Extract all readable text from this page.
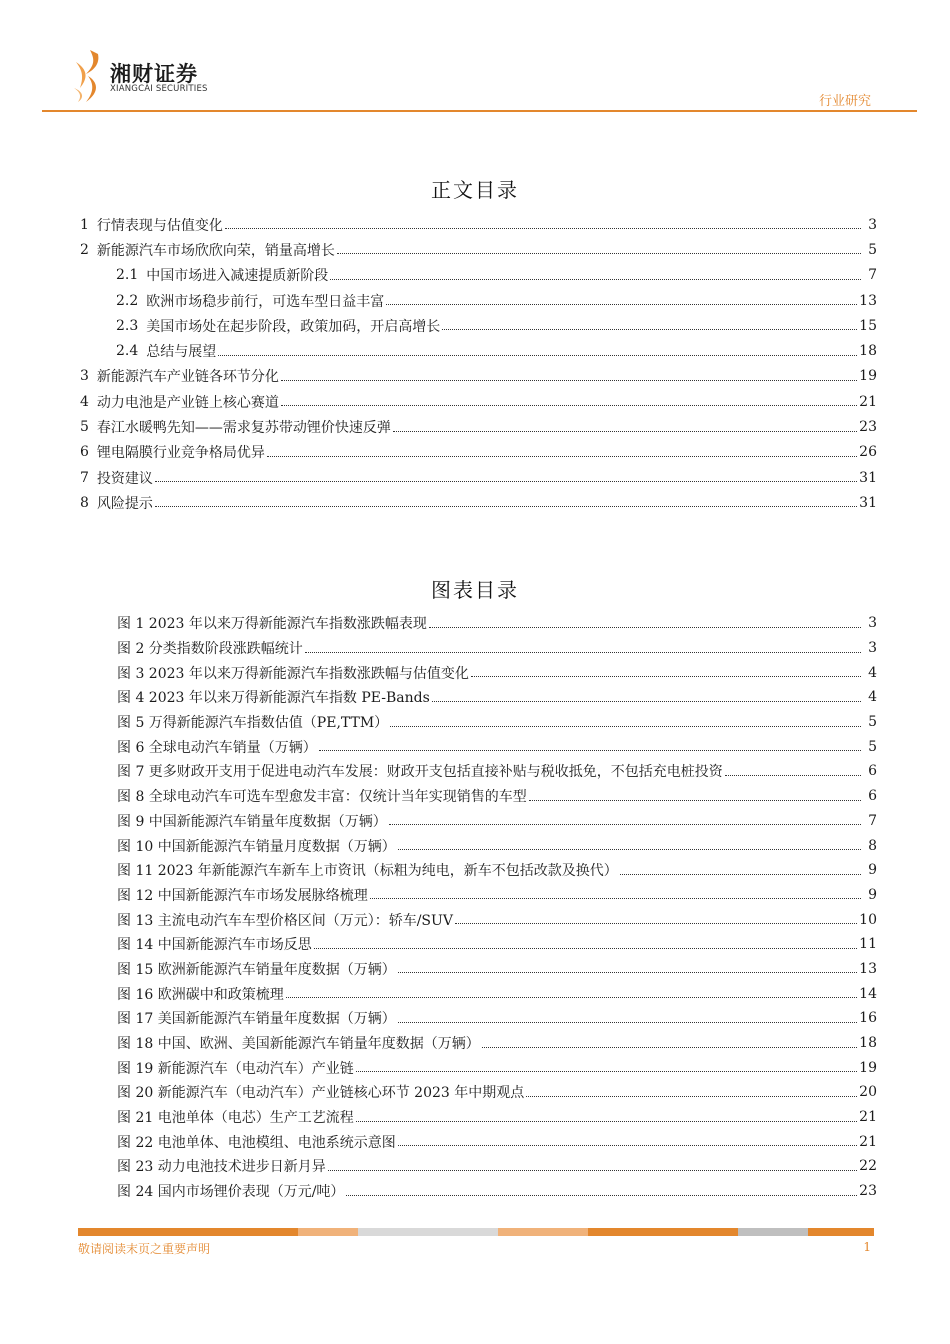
湘财证券
XIANGCAI SECURITIES
行业研究
正文目录
1 行情表现与估值变化	3
2 新能源汽车市场欣欣向荣，销量高增长	5
2.1 中国市场进入减速提质新阶段	7
2.2 欧洲市场稳步前行，可选车型日益丰富	13
2.3 美国市场处在起步阶段，政策加码，开启高增长	15
2.4 总结与展望	18
3 新能源汽车产业链各环节分化	19
4 动力电池是产业链上核心赛道	21
5 春江水暖鸭先知——需求复苏带动锂价快速反弹	23
6 锂电隔膜行业竞争格局优异	26
7 投资建议	31
8 风险提示	31
图表目录
图 1 2023 年以来万得新能源汽车指数涨跌幅表现	3
图 2 分类指数阶段涨跌幅统计	3
图 3 2023 年以来万得新能源汽车指数涨跌幅与估值变化	4
图 4 2023 年以来万得新能源汽车指数 PE-Bands	4
图 5 万得新能源汽车指数估值（PE,TTM）	5
图 6 全球电动汽车销量（万辆）	5
图 7 更多财政开支用于促进电动汽车发展：财政开支包括直接补贴与税收抵免，不包括充电桩投资	6
图 8 全球电动汽车可选车型愈发丰富：仅统计当年实现销售的车型	6
图 9 中国新能源汽车销量年度数据（万辆）	7
图 10 中国新能源汽车销量月度数据（万辆）	8
图 11 2023 年新能源汽车新车上市资讯（标粗为纯电，新车不包括改款及换代）	9
图 12 中国新能源汽车市场发展脉络梳理	9
图 13 主流电动汽车车型价格区间（万元）：轿车/SUV	10
图 14 中国新能源汽车市场反思	11
图 15 欧洲新能源汽车销量年度数据（万辆）	13
图 16 欧洲碳中和政策梳理	14
图 17 美国新能源汽车销量年度数据（万辆）	16
图 18 中国、欧洲、美国新能源汽车销量年度数据（万辆）	18
图 19 新能源汽车（电动汽车）产业链	19
图 20 新能源汽车（电动汽车）产业链核心环节 2023 年中期观点	20
图 21 电池单体（电芯）生产工艺流程	21
图 22 电池单体、电池模组、电池系统示意图	21
图 23 动力电池技术进步日新月异	22
图 24 国内市场锂价表现（万元/吨）	23
敬请阅读末页之重要声明	1
